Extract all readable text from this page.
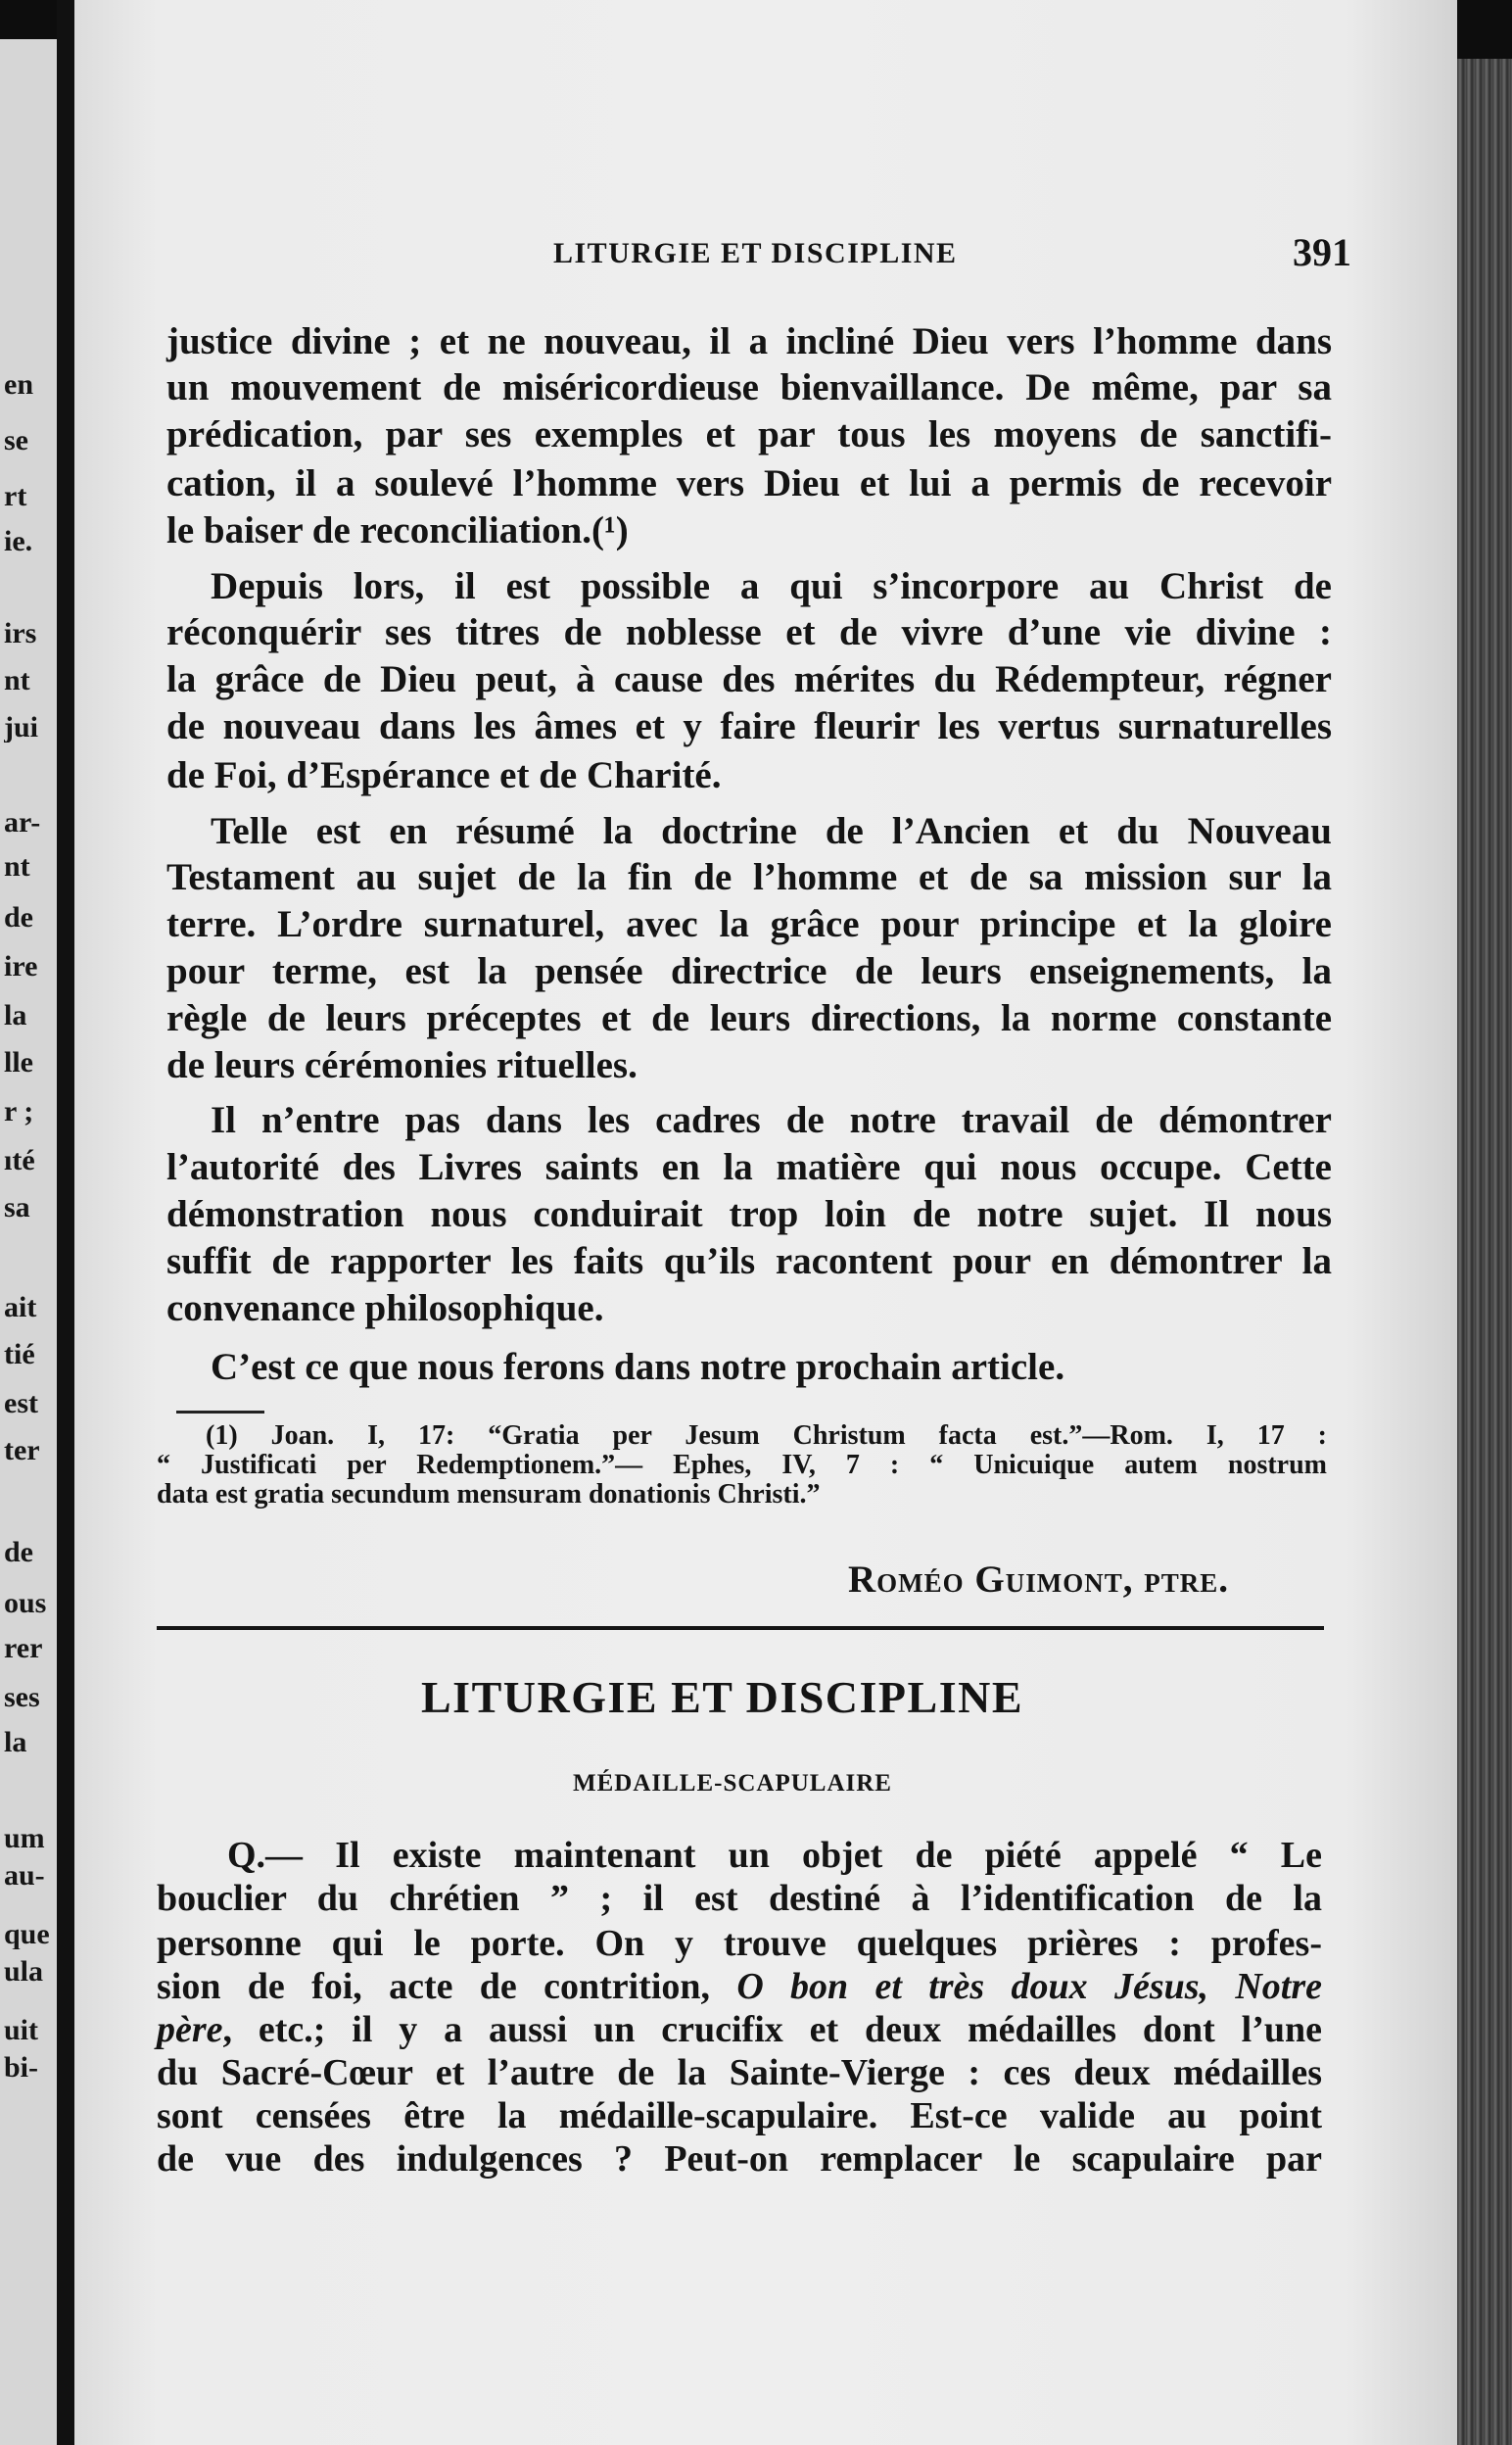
en
se
rt
ie.
irs
nt
jui
ar-
nt
de
ire
la
lle
r ;
ıté
sa
ait
tié
est
ter
de
ous
rer
ses
la
um
au-
que
ula
uit
bi-
LITURGIE ET DISCIPLINE	391
justice divine ; et ne nouveau, il a incliné Dieu vers l’homme dans
un mouvement de miséricordieuse bienvaillance. De même, par sa
prédication, par ses exemples et par tous les moyens de sanctifi-
cation, il a soulevé l’homme vers Dieu et lui a permis de recevoir
le baiser de reconciliation.(¹)
Depuis lors, il est possible a qui s’incorpore au Christ de
réconquérir ses titres de noblesse et de vivre d’une vie divine :
la grâce de Dieu peut, à cause des mérites du Rédempteur, régner
de nouveau dans les âmes et y faire fleurir les vertus surnaturelles
de Foi, d’Espérance et de Charité.
Telle est en résumé la doctrine de l’Ancien et du Nouveau
Testament au sujet de la fin de l’homme et de sa mission sur la
terre. L’ordre surnaturel, avec la grâce pour principe et la gloire
pour terme, est la pensée directrice de leurs enseignements, la
règle de leurs préceptes et de leurs directions, la norme constante
de leurs cérémonies rituelles.
Il n’entre pas dans les cadres de notre travail de démontrer
l’autorité des Livres saints en la matière qui nous occupe. Cette
démonstration nous conduirait trop loin de notre sujet. Il nous
suffit de rapporter les faits qu’ils racontent pour en démontrer la
convenance philosophique.
C’est ce que nous ferons dans notre prochain article.
(1) Joan. I, 17: “Gratia per Jesum Christum facta est.”—Rom. I, 17 :
“ Justificati per Redemptionem.”— Ephes, IV, 7 : “ Unicuique autem nostrum
data est gratia secundum mensuram donationis Christi.”
Roméo Guimont, ptre.
LITURGIE ET DISCIPLINE
MÉDAILLE-SCAPULAIRE
Q.— Il existe maintenant un objet de piété appelé “ Le
bouclier du chrétien ” ; il est destiné à l’identification de la
personne qui le porte. On y trouve quelques prières : profes-
sion de foi, acte de contrition, O bon et très doux Jésus, Notre
père, etc.; il y a aussi un crucifix et deux médailles dont l’une
du Sacré-Cœur et l’autre de la Sainte-Vierge : ces deux médailles
sont censées être la médaille-scapulaire. Est-ce valide au point
de vue des indulgences ? Peut-on remplacer le scapulaire par
